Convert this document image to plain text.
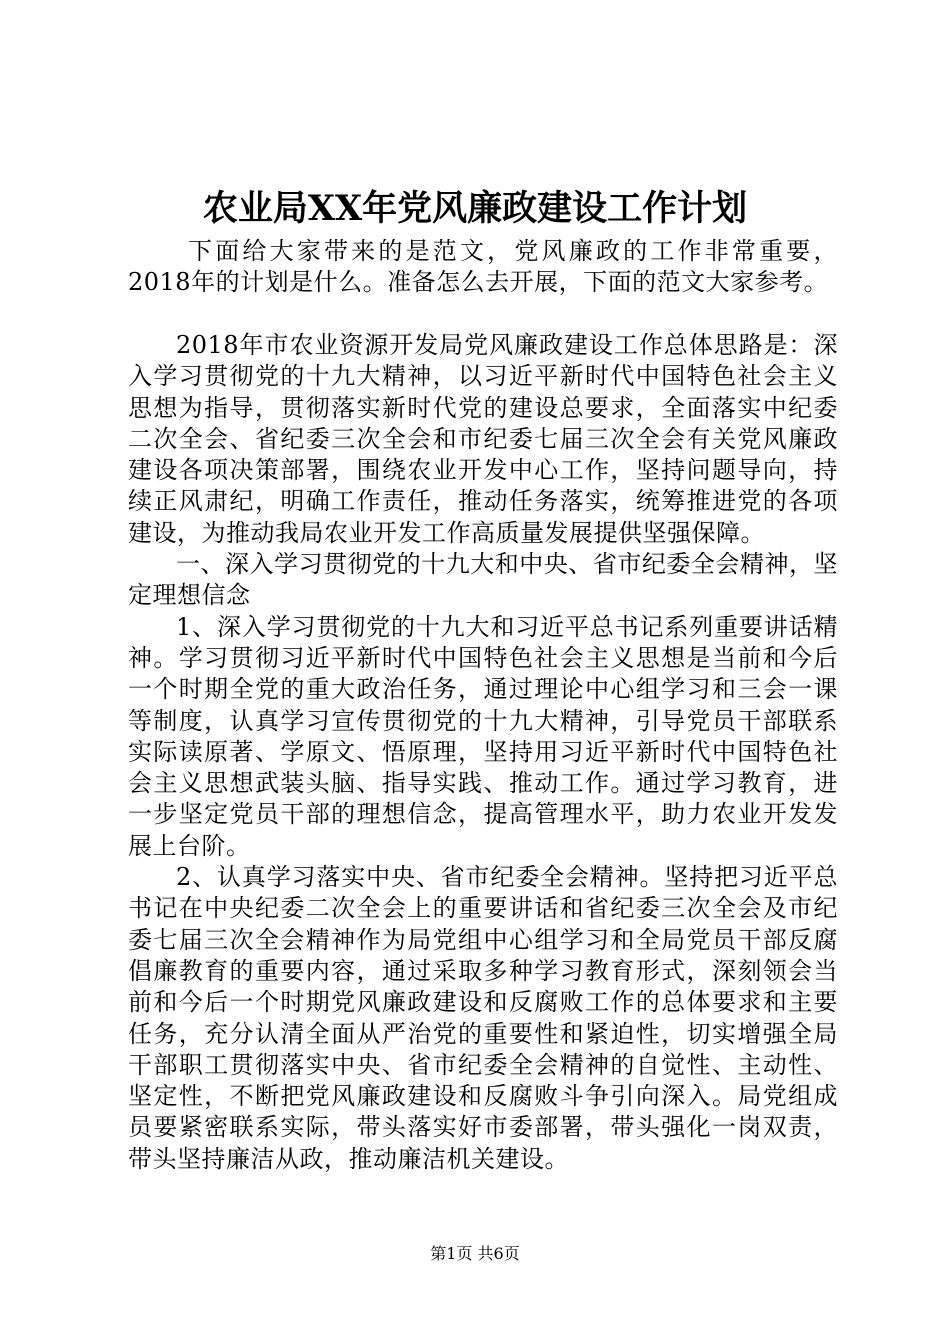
农业局XX年党风廉政建设工作计划

下面给大家带来的是范文，党风廉政的工作非常重要，2018年的计划是什么。准备怎么去开展，下面的范文大家参考。

2018年市农业资源开发局党风廉政建设工作总体思路是：深入学习贯彻党的十九大精神，以习近平新时代中国特色社会主义思想为指导，贯彻落实新时代党的建设总要求，全面落实中纪委二次全会、省纪委三次全会和市纪委七届三次全会有关党风廉政建设各项决策部署，围绕农业开发中心工作，坚持问题导向，持续正风肃纪，明确工作责任，推动任务落实，统筹推进党的各项建设，为推动我局农业开发工作高质量发展提供坚强保障。

一、深入学习贯彻党的十九大和中央、省市纪委全会精神，坚定理想信念

1、深入学习贯彻党的十九大和习近平总书记系列重要讲话精神。学习贯彻习近平新时代中国特色社会主义思想是当前和今后一个时期全党的重大政治任务，通过理论中心组学习和三会一课等制度，认真学习宣传贯彻党的十九大精神，引导党员干部联系实际读原著、学原文、悟原理，坚持用习近平新时代中国特色社会主义思想武装头脑、指导实践、推动工作。通过学习教育，进一步坚定党员干部的理想信念，提高管理水平，助力农业开发发展上台阶。

2、认真学习落实中央、省市纪委全会精神。坚持把习近平总书记在中央纪委二次全会上的重要讲话和省纪委三次全会及市纪委七届三次全会精神作为局党组中心组学习和全局党员干部反腐倡廉教育的重要内容，通过采取多种学习教育形式，深刻领会当前和今后一个时期党风廉政建设和反腐败工作的总体要求和主要任务，充分认清全面从严治党的重要性和紧迫性，切实增强全局干部职工贯彻落实中央、省市纪委全会精神的自觉性、主动性、坚定性，不断把党风廉政建设和反腐败斗争引向深入。局党组成员要紧密联系实际，带头落实好市委部署，带头强化一岗双责，带头坚持廉洁从政，推动廉洁机关建设。

第1页 共6页
